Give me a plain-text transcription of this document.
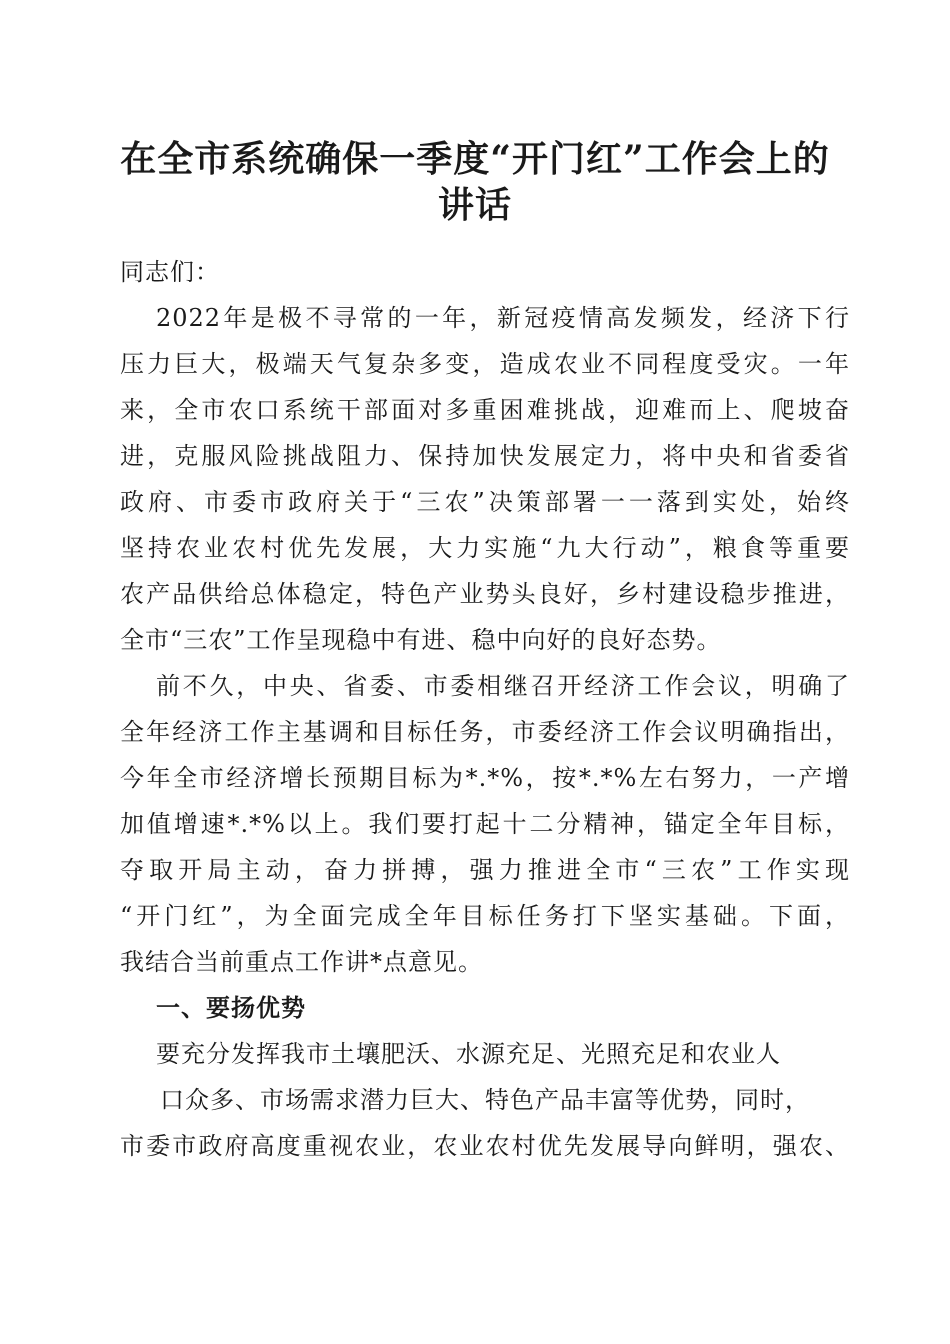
在全市系统确保一季度“开门红”工作会上的
讲话
同志们：
2022年是极不寻常的一年，新冠疫情高发频发，经济下行
压力巨大，极端天气复杂多变，造成农业不同程度受灾。一年
来，全市农口系统干部面对多重困难挑战，迎难而上、爬坡奋
进，克服风险挑战阻力、保持加快发展定力，将中央和省委省
政府、市委市政府关于“三农”决策部署一一落到实处，始终
坚持农业农村优先发展，大力实施“九大行动”，粮食等重要
农产品供给总体稳定，特色产业势头良好，乡村建设稳步推进，
全市“三农”工作呈现稳中有进、稳中向好的良好态势。
前不久，中央、省委、市委相继召开经济工作会议，明确了
全年经济工作主基调和目标任务，市委经济工作会议明确指出，
今年全市经济增长预期目标为*.*%，按*.*%左右努力，一产增
加值增速*.*%以上。我们要打起十二分精神，锚定全年目标，
夺取开局主动，奋力拼搏，强力推进全市“三农”工作实现
“开门红”，为全面完成全年目标任务打下坚实基础。下面，
我结合当前重点工作讲*点意见。
一、要扬优势
要充分发挥我市土壤肥沃、水源充足、光照充足和农业人
口众多、市场需求潜力巨大、特色产品丰富等优势，同时，
市委市政府高度重视农业，农业农村优先发展导向鲜明，强农、
